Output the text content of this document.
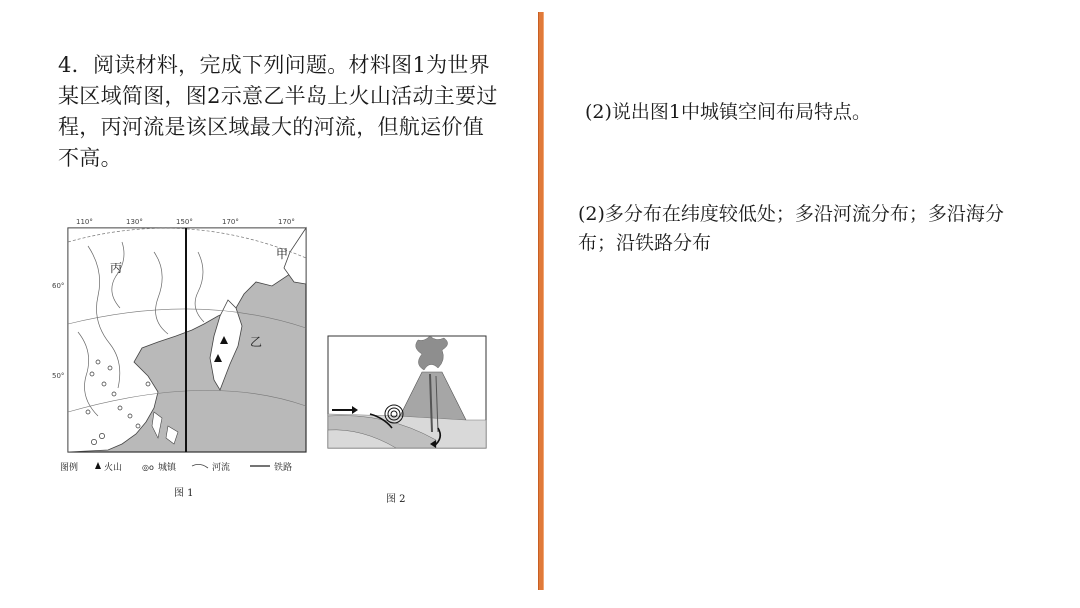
4．阅读材料，完成下列问题。材料图1为世界某区域简图，图2示意乙半岛上火山活动主要过程，丙河流是该区域最大的河流，但航运价值不高。
(2)说出图1中城镇空间布局特点。
(2)多分布在纬度较低处；多沿河流分布；多沿海分布；沿铁路分布
110°	130°	150°	170°	170°
60°
50°
丙
乙
甲
图例	火山 ◎o 城镇	河流	铁路
图 1
图 2
